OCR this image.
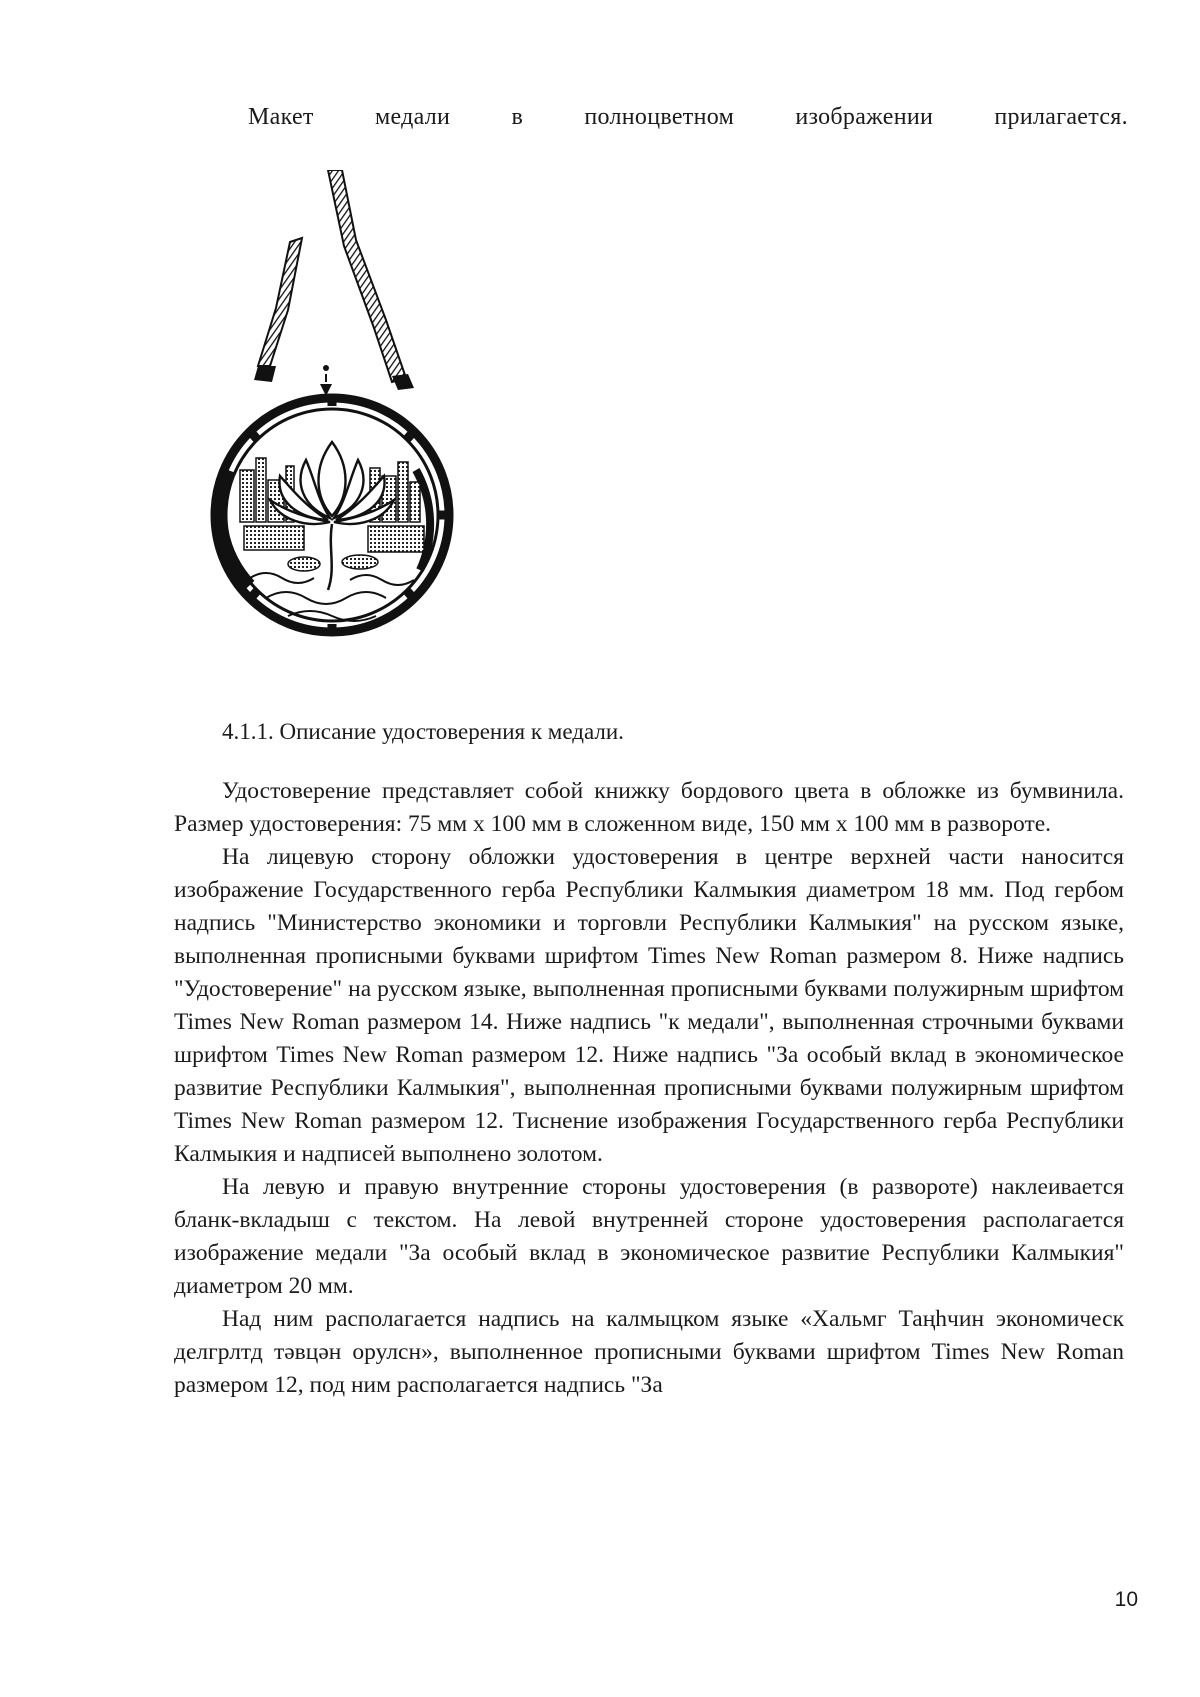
Макет	медали	в	полноцветном	изображении	прилагается.
4.1.1. Описание удостоверения к медали.

Удостоверение представляет собой книжку бордового цвета в обложке из бумвинила. Размер удостоверения: 75 мм х 100 мм в сложенном виде, 150 мм х 100 мм в развороте.

На лицевую сторону обложки удостоверения в центре верхней части наносится изображение Государственного герба Республики Калмыкия диаметром 18 мм. Под гербом надпись "Министерство экономики и торговли Республики Калмыкия" на русском языке, выполненная прописными буквами шрифтом Times New Roman размером 8. Ниже надпись "Удостоверение" на русском языке, выполненная прописными буквами полужирным шрифтом Times New Roman размером 14. Ниже надпись "к медали", выполненная строчными буквами шрифтом Times New Roman размером 12. Ниже надпись "За особый вклад в экономическое развитие Республики Калмыкия", выполненная прописными буквами полужирным шрифтом Times New Roman размером 12. Тиснение изображения Государственного герба Республики Калмыкия и надписей выполнено золотом.

На левую и правую внутренние стороны удостоверения (в развороте) наклеивается бланк-вкладыш с текстом. На левой внутренней стороне удостоверения располагается изображение медали "За особый вклад в экономическое развитие Республики Калмыкия" диаметром 20 мм.

Над ним располагается надпись на калмыцком языке «Хальмг Таңһчин экономическ делгрлтд тəвцəн орулсн», выполненное прописными буквами шрифтом Times New Roman размером 12, под ним располагается надпись "За

10
